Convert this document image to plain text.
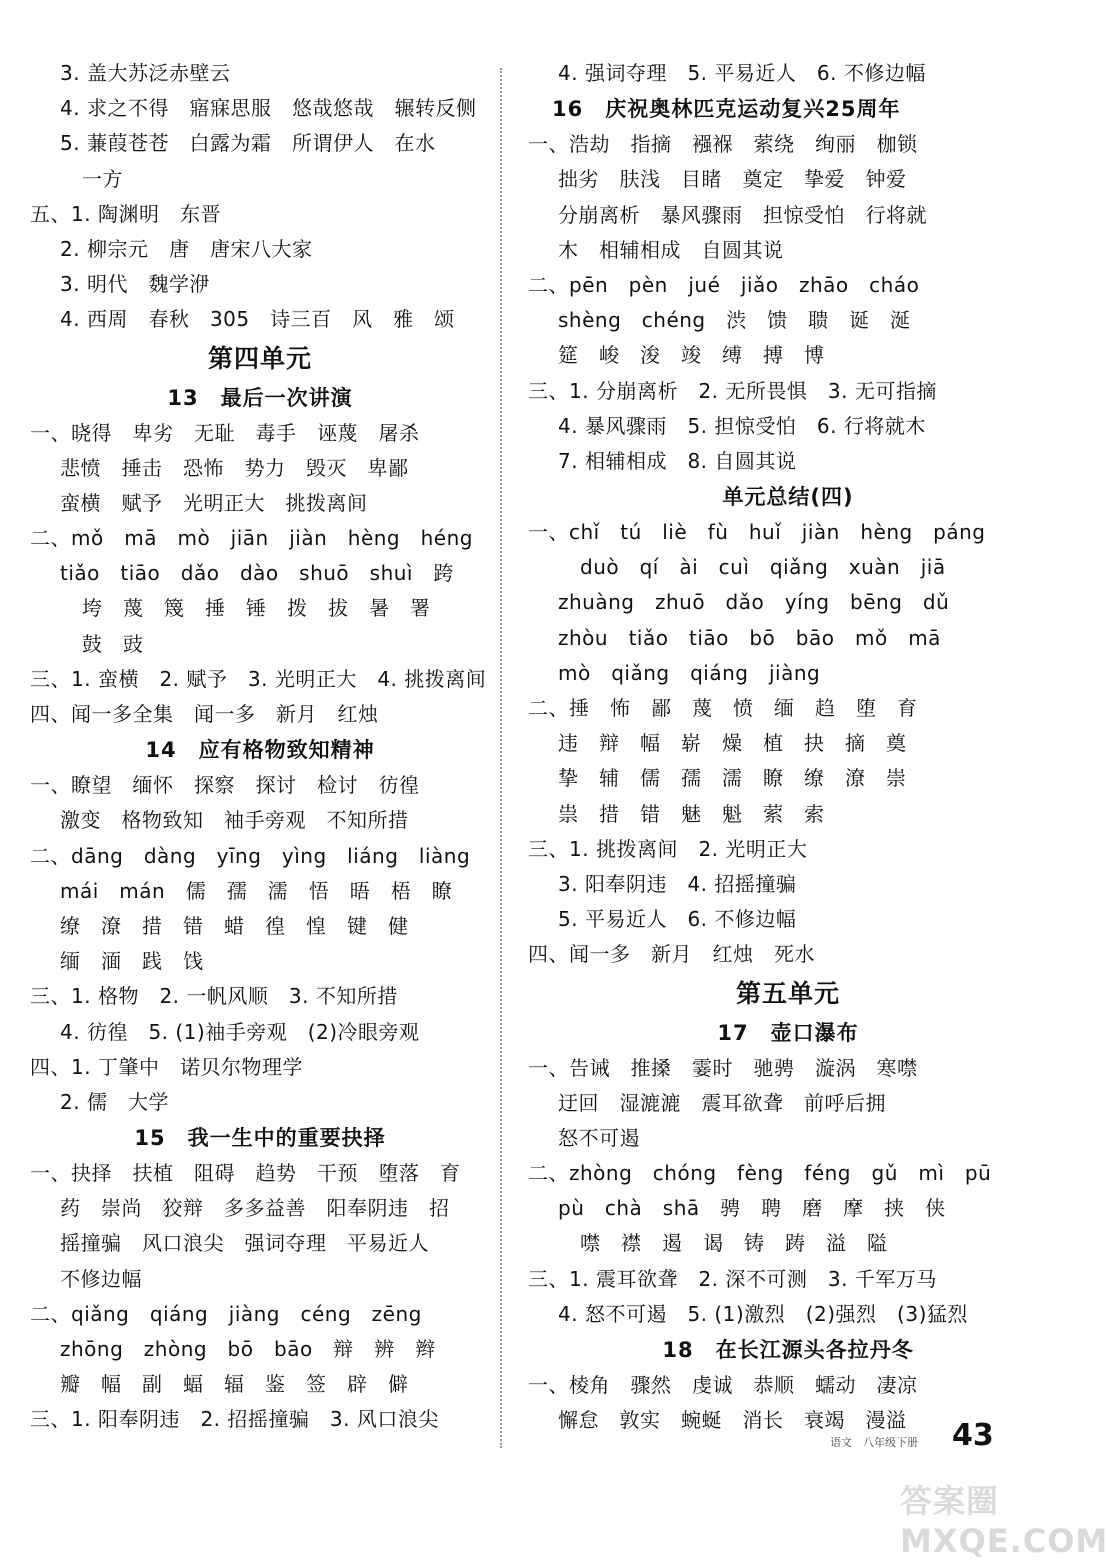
3. 盖大苏泛赤壁云
4. 求之不得　寤寐思服　悠哉悠哉　辗转反侧
5. 蒹葭苍苍　白露为霜　所谓伊人　在水
一方
五、1. 陶渊明　东晋
2. 柳宗元　唐　唐宋八大家
3. 明代　魏学洢
4. 西周　春秋　305　诗三百　风　雅　颂
第四单元
13　最后一次讲演
一、晓得　卑劣　无耻　毒手　诬蔑　屠杀
悲愤　捶击　恐怖　势力　毁灭　卑鄙
蛮横　赋予　光明正大　挑拨离间
二、mǒ　mā　mò　jiān　jiàn　hèng　héng
tiǎo　tiāo　dǎo　dào　shuō　shuì　跨
垮　蔑　篾　捶　锤　拨　拔　暑　署
鼓　豉
三、1. 蛮横　2. 赋予　3. 光明正大　4. 挑拨离间
四、闻一多全集　闻一多　新月　红烛
14　应有格物致知精神
一、瞭望　缅怀　探察　探讨　检讨　彷徨
激变　格物致知　袖手旁观　不知所措
二、dāng　dàng　yīng　yìng　liáng　liàng
mái　mán　儒　孺　濡　悟　晤　梧　瞭
缭　潦　措　错　蜡　徨　惶　键　健
缅　湎　践　饯
三、1. 格物　2. 一帆风顺　3. 不知所措
4. 彷徨　5. (1)袖手旁观　(2)冷眼旁观
四、1. 丁肇中　诺贝尔物理学
2. 儒　大学
15　我一生中的重要抉择
一、抉择　扶植　阻碍　趋势　干预　堕落　育
药　崇尚　狡辩　多多益善　阳奉阴违　招
摇撞骗　风口浪尖　强词夺理　平易近人
不修边幅
二、qiǎng　qiáng　jiàng　céng　zēng
zhōng　zhòng　bō　bāo　辩　辨　辫
瓣　幅　副　蝠　辐　鉴　签　辟　僻
三、1. 阳奉阴违　2. 招摇撞骗　3. 风口浪尖
4. 强词夺理　5. 平易近人　6. 不修边幅
16　庆祝奥林匹克运动复兴25周年
一、浩劫　指摘　襁褓　萦绕　绚丽　枷锁
拙劣　肤浅　目睹　奠定　挚爱　钟爱
分崩离析　暴风骤雨　担惊受怕　行将就
木　相辅相成　自圆其说
二、pēn　pèn　jué　jiǎo　zhāo　cháo
shèng　chéng　渋　馈　聩　诞　涎
筵　峻　浚　竣　缚　搏　博
三、1. 分崩离析　2. 无所畏惧　3. 无可指摘
4. 暴风骤雨　5. 担惊受怕　6. 行将就木
7. 相辅相成　8. 自圆其说
单元总结(四)
一、chǐ　tú　liè　fù　huǐ　jiàn　hèng　páng
duò　qí　ài　cuì　qiǎng　xuàn　jiā
zhuàng　zhuō　dǎo　yíng　bēng　dǔ
zhòu　tiǎo　tiāo　bō　bāo　mǒ　mā
mò　qiǎng　qiáng　jiàng
二、捶　怖　鄙　蔑　愤　缅　趋　堕　育
违　辩　幅　崭　燥　植　抉　摘　奠
挚　辅　儒　孺　濡　瞭　缭　潦　崇
祟　措　错　魅　魁　萦　索
三、1. 挑拨离间　2. 光明正大
3. 阳奉阴违　4. 招摇撞骗
5. 平易近人　6. 不修边幅
四、闻一多　新月　红烛　死水
第五单元
17　壶口瀑布
一、告诫　推搡　霎时　驰骋　漩涡　寒噤
迂回　湿漉漉　震耳欲聋　前呼后拥
怒不可遏
二、zhòng　chóng　fèng　féng　gǔ　mì　pū
pù　chà　shā　骋　聘　磨　摩　挟　侠
噤　襟　遏　谒　铸　踌　溢　隘
三、1. 震耳欲聋　2. 深不可测　3. 千军万马
4. 怒不可遏　5. (1)激烈　(2)强烈　(3)猛烈
18　在长江源头各拉丹冬
一、棱角　骤然　虔诚　恭顺　蠕动　凄凉
懈怠　敦实　蜿蜒　消长　衰竭　漫溢
语文　八年级下册 43
答案圈 MXQE.COM
